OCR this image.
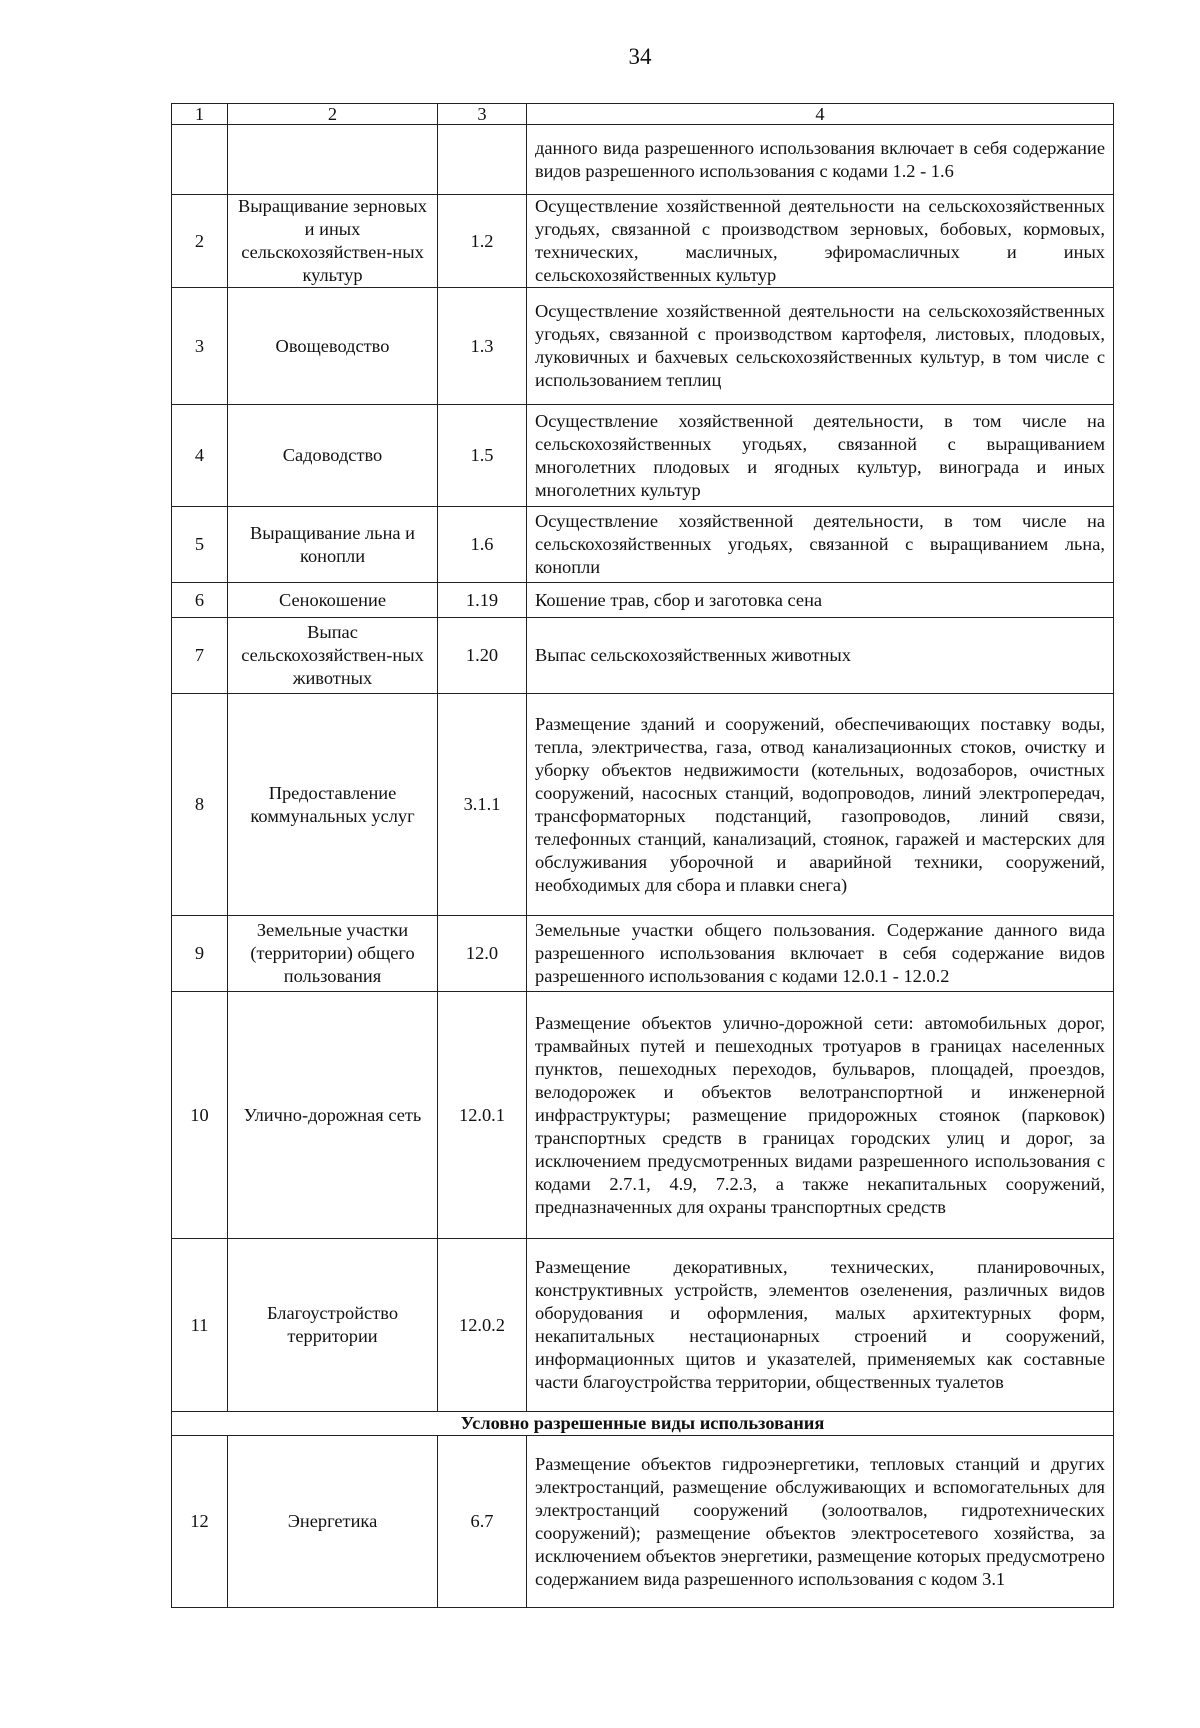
34
1	2	3	4
			данного вида разрешенного использования включает в себя содержание видов разрешенного использования с кодами 1.2 - 1.6
2	Выращивание зерновых и иных сельскохозяйствен-ных культур	1.2	Осуществление хозяйственной деятельности на сельскохозяйственных угодьях, связанной с производством зерновых, бобовых, кормовых, технических, масличных, эфиромасличных и иных сельскохозяйственных культур
3	Овощеводство	1.3	Осуществление хозяйственной деятельности на сельскохозяйственных угодьях, связанной с производством картофеля, листовых, плодовых, луковичных и бахчевых сельскохозяйственных культур, в том числе с использованием теплиц
4	Садоводство	1.5	Осуществление хозяйственной деятельности, в том числе на сельскохозяйственных угодьях, связанной с выращиванием многолетних плодовых и ягодных культур, винограда и иных многолетних культур
5	Выращивание льна и конопли	1.6	Осуществление хозяйственной деятельности, в том числе на сельскохозяйственных угодьях, связанной с выращиванием льна, конопли
6	Сенокошение	1.19	Кошение трав, сбор и заготовка сена
7	Выпас сельскохозяйствен-ных животных	1.20	Выпас сельскохозяйственных животных
8	Предоставление коммунальных услуг	3.1.1	Размещение зданий и сооружений, обеспечивающих поставку воды, тепла, электричества, газа, отвод канализационных стоков, очистку и уборку объектов недвижимости (котельных, водозаборов, очистных сооружений, насосных станций, водопроводов, линий электропередач, трансформаторных подстанций, газопроводов, линий связи, телефонных станций, канализаций, стоянок, гаражей и мастерских для обслуживания уборочной и аварийной техники, сооружений, необходимых для сбора и плавки снега)
9	Земельные участки (территории) общего пользования	12.0	Земельные участки общего пользования. Содержание данного вида разрешенного использования включает в себя содержание видов разрешенного использования с кодами 12.0.1 - 12.0.2
10	Улично-дорожная сеть	12.0.1	Размещение объектов улично-дорожной сети: автомобильных дорог, трамвайных путей и пешеходных тротуаров в границах населенных пунктов, пешеходных переходов, бульваров, площадей, проездов, велодорожек и объектов велотранспортной и инженерной инфраструктуры; размещение придорожных стоянок (парковок) транспортных средств в границах городских улиц и дорог, за исключением предусмотренных видами разрешенного использования с кодами 2.7.1, 4.9, 7.2.3, а также некапитальных сооружений, предназначенных для охраны транспортных средств
11	Благоустройство территории	12.0.2	Размещение декоративных, технических, планировочных, конструктивных устройств, элементов озеленения, различных видов оборудования и оформления, малых архитектурных форм, некапитальных нестационарных строений и сооружений, информационных щитов и указателей, применяемых как составные части благоустройства территории, общественных туалетов
Условно разрешенные виды использования			
12	Энергетика	6.7	Размещение объектов гидроэнергетики, тепловых станций и других электростанций, размещение обслуживающих и вспомогательных для электростанций сооружений (золоотвалов, гидротехнических сооружений); размещение объектов электросетевого хозяйства, за исключением объектов энергетики, размещение которых предусмотрено содержанием вида разрешенного использования с кодом 3.1
